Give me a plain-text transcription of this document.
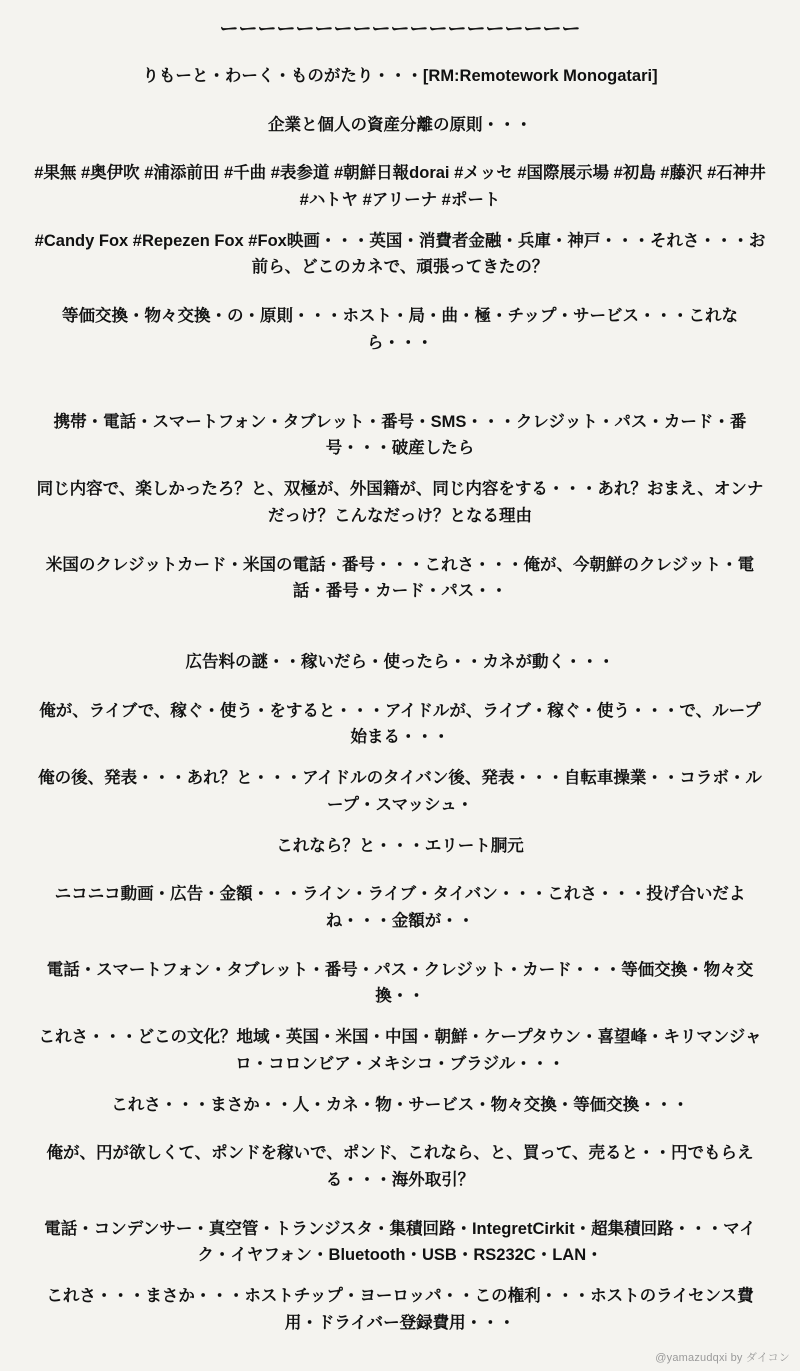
ーーーーーーーーーーーーーーーーーーー
りもーと・わーく・ものがたり・・・[RM:Remotework Monogatari]
企業と個人の資産分離の原則・・・
#果無 #奥伊吹 #浦添前田 #千曲 #表参道 #朝鮮日報dorai #メッセ #国際展示場 #初島 #藤沢 #石神井 #ハトヤ #アリーナ #ポート
#Candy Fox #Repezen Fox #Fox映画・・・英国・消費者金融・兵庫・神戸・・・それさ・・・お前ら、どこのカネで、頑張ってきたの？
等価交換・物々交換・の・原則・・・ホスト・局・曲・極・チップ・サービス・・・これなら・・・
携帯・電話・スマートフォン・タブレット・番号・SMS・・・クレジット・パス・カード・番号・・・破産したら
同じ内容で、楽しかったろ？と、双極が、外国籍が、同じ内容をする・・・あれ？おまえ、オンナだっけ？こんなだっけ？となる理由
米国のクレジットカード・米国の電話・番号・・・これさ・・・俺が、今朝鮮のクレジット・電話・番号・カード・パス・・
広告料の謎・・稼いだら・使ったら・・カネが動く・・・
俺が、ライブで、稼ぐ・使う・をすると・・・アイドルが、ライブ・稼ぐ・使う・・・で、ループ始まる・・・
俺の後、発表・・・あれ？と・・・アイドルのタイバン後、発表・・・自転車操業・・コラボ・ループ・スマッシュ・
これなら？と・・・エリート胴元
ニコニコ動画・広告・金額・・・ライン・ライブ・タイバン・・・これさ・・・投げ合いだよね・・・金額が・・
電話・スマートフォン・タブレット・番号・パス・クレジット・カード・・・等価交換・物々交換・・
これさ・・・どこの文化？地域・英国・米国・中国・朝鮮・ケープタウン・喜望峰・キリマンジャロ・コロンビア・メキシコ・ブラジル・・・
これさ・・・まさか・・人・カネ・物・サービス・物々交換・等価交換・・・
俺が、円が欲しくて、ポンドを稼いで、ポンド、これなら、と、買って、売ると・・円でもらえる・・・海外取引？
電話・コンデンサー・真空管・トランジスタ・集積回路・IntegretCirkit・超集積回路・・・マイク・イヤフォン・Bluetooth・USB・RS232C・LAN・
これさ・・・まさか・・・ホストチップ・ヨーロッパ・・この権利・・・ホストのライセンス費用・ドライバー登録費用・・・
@yamazudqxi by ダイコン
